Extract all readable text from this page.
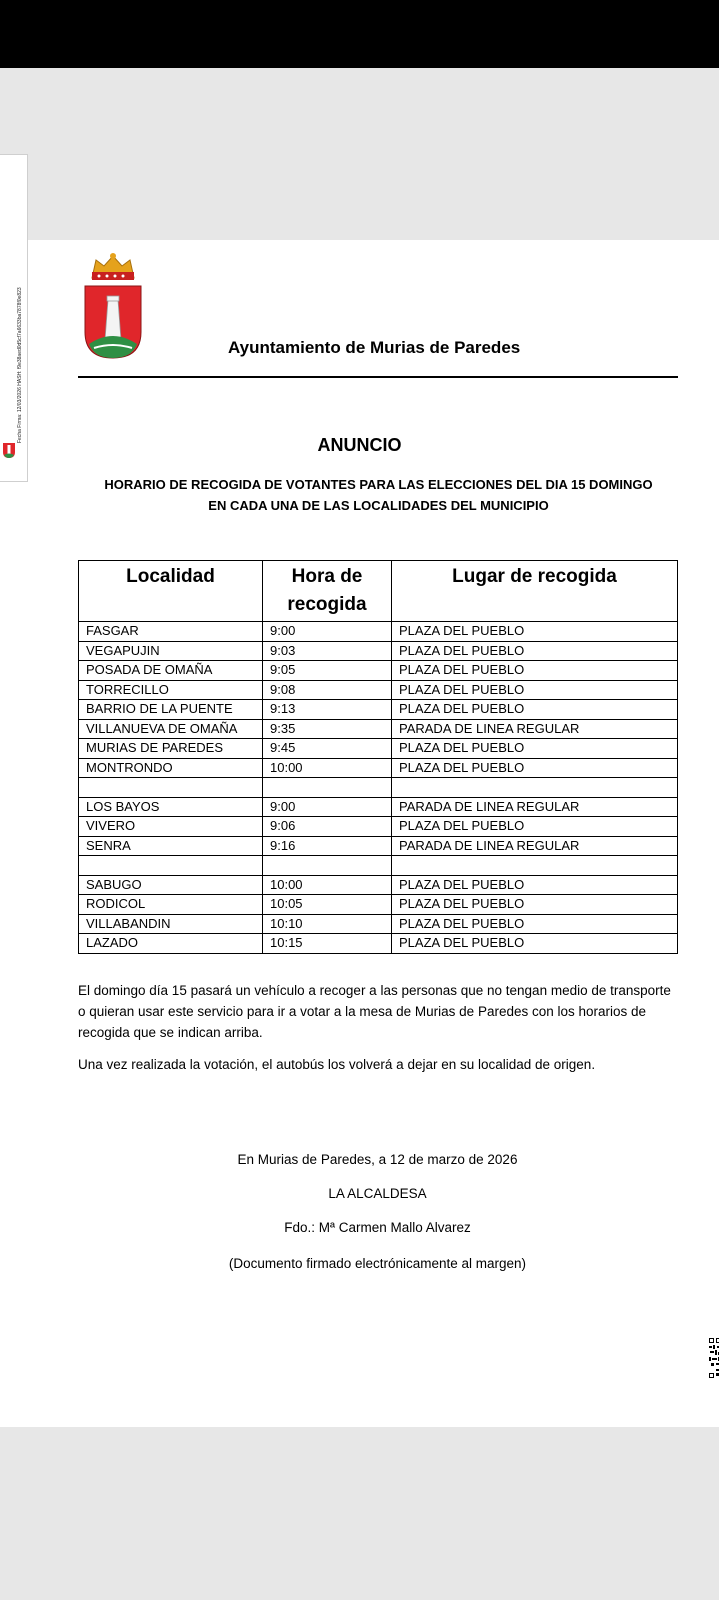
Ayuntamiento de Murias de Paredes
ANUNCIO
HORARIO DE RECOGIDA DE VOTANTES PARA LAS ELECCIONES DEL DIA 15 DOMINGO
EN CADA UNA DE LAS LOCALIDADES DEL MUNICIPIO
Localidad	Hora de recogida	Lugar de recogida
FASGAR	9:00	PLAZA DEL PUEBLO
VEGAPUJIN	9:03	PLAZA DEL PUEBLO
POSADA DE OMAÑA	9:05	PLAZA DEL PUEBLO
TORRECILLO	9:08	PLAZA DEL PUEBLO
BARRIO DE LA PUENTE	9:13	PLAZA DEL PUEBLO
VILLANUEVA DE OMAÑA	9:35	PARADA DE LINEA REGULAR
MURIAS DE PAREDES	9:45	PLAZA DEL PUEBLO
MONTRONDO	10:00	PLAZA DEL PUEBLO

LOS BAYOS	9:00	PARADA DE LINEA REGULAR
VIVERO	9:06	PLAZA DEL PUEBLO
SENRA	9:16	PARADA DE LINEA REGULAR

SABUGO	10:00	PLAZA DEL PUEBLO
RODICOL	10:05	PLAZA DEL PUEBLO
VILLABANDIN	10:10	PLAZA DEL PUEBLO
LAZADO	10:15	PLAZA DEL PUEBLO
El domingo día 15 pasará un vehículo a recoger a las personas que no tengan medio de transporte o quieran usar este servicio para ir a votar a la mesa de Murias de Paredes con los horarios de recogida que se indican arriba.
Una vez realizada la votación, el autobús los volverá a dejar en su localidad de origen.
En Murias de Paredes, a 12 de marzo de 2026
LA ALCALDESA
Fdo.: Mª Carmen Mallo Alvarez
(Documento firmado electrónicamente al margen)
Fecha Firma: 12/03/2026 HASH: f9e38aed0d5cf7a6633ba7878f0e823
